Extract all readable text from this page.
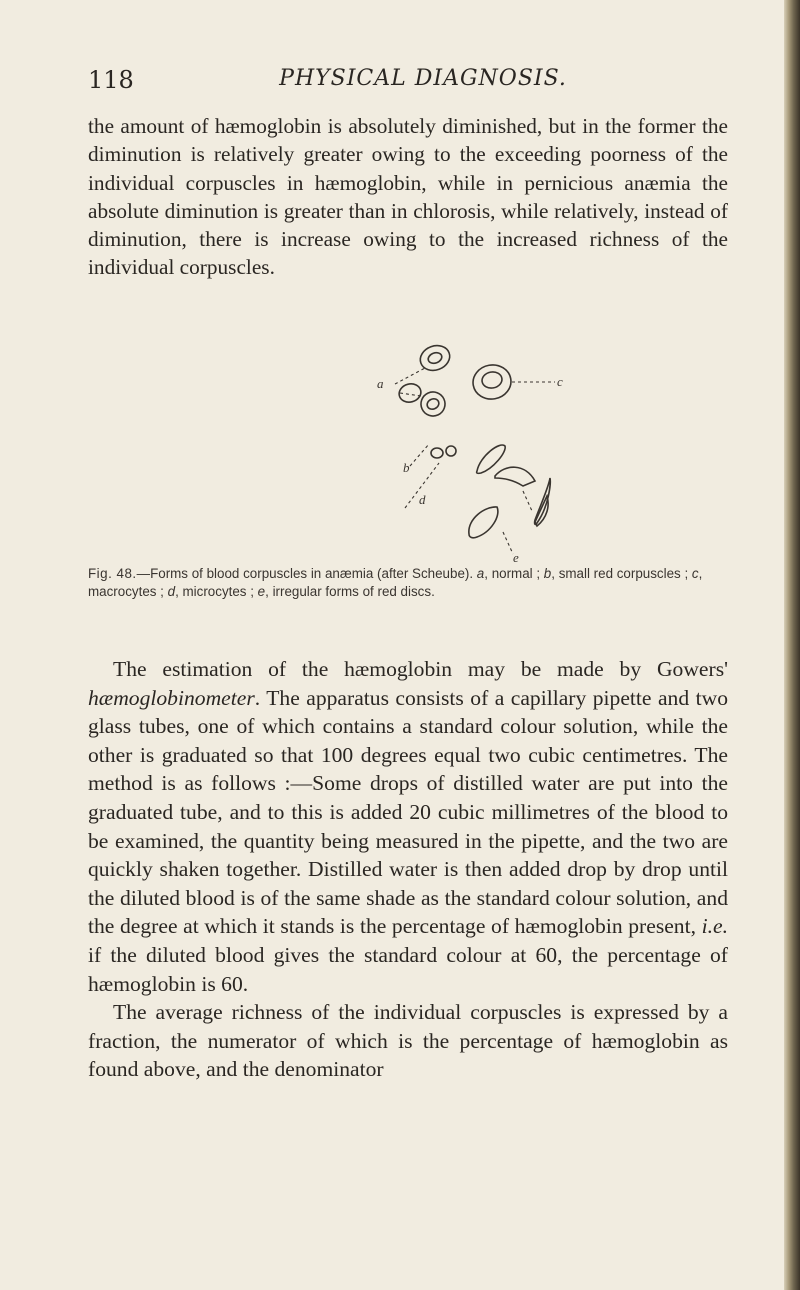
118	PHYSICAL DIAGNOSIS.

the amount of hæmoglobin is absolutely diminished, but in the former the diminution is relatively greater owing to the exceeding poorness of the individual corpuscles in hæmoglobin, while in pernicious anæmia the absolute diminution is greater than in chlorosis, while relatively, instead of diminution, there is increase owing to the increased richness of the individual corpuscles.

a	c
b
d
e

Fig. 48.—Forms of blood corpuscles in anæmia (after Scheube). a, normal ; b, small red corpuscles ; c, macrocytes ; d, microcytes ; e, irregular forms of red discs.

The estimation of the hæmoglobin may be made by Gowers' hæmoglobinometer. The apparatus consists of a capillary pipette and two glass tubes, one of which contains a standard colour solution, while the other is graduated so that 100 degrees equal two cubic centimetres. The method is as follows :—Some drops of distilled water are put into the graduated tube, and to this is added 20 cubic millimetres of the blood to be examined, the quantity being measured in the pipette, and the two are quickly shaken together. Distilled water is then added drop by drop until the diluted blood is of the same shade as the standard colour solution, and the degree at which it stands is the percentage of hæmoglobin present, i.e. if the diluted blood gives the standard colour at 60, the percentage of hæmoglobin is 60.

The average richness of the individual corpuscles is expressed by a fraction, the numerator of which is the percentage of hæmoglobin as found above, and the denominator
